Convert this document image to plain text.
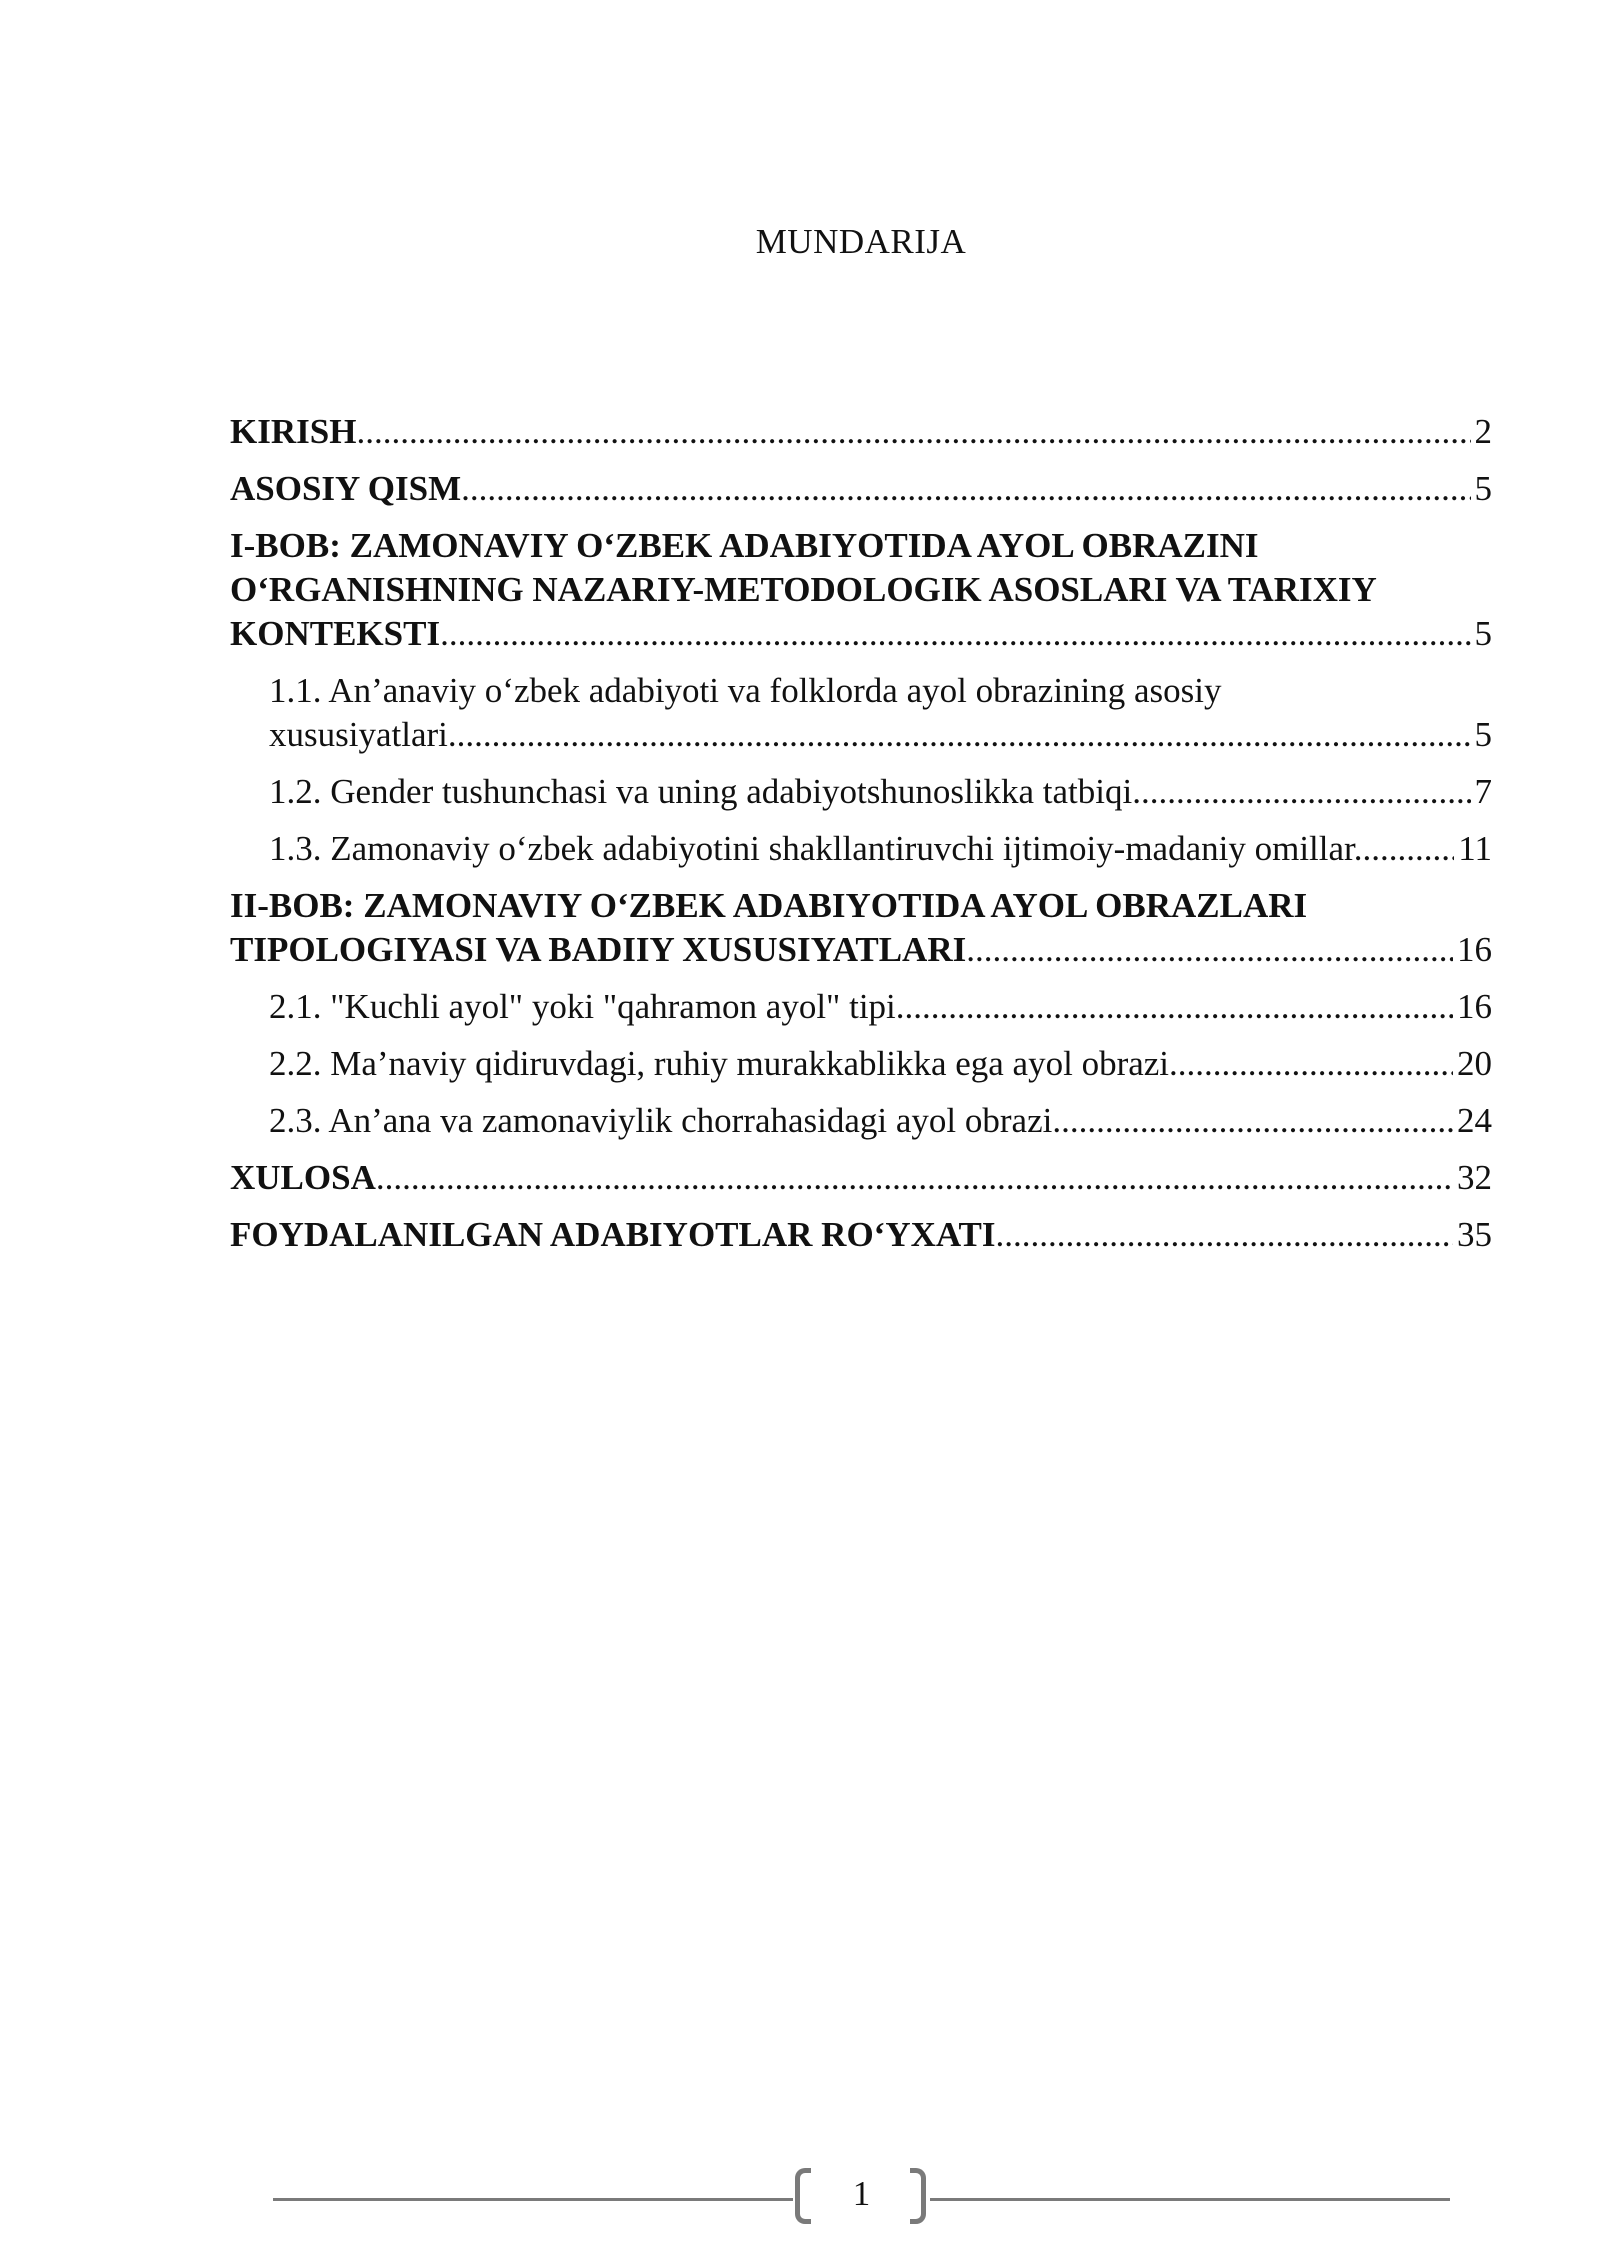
MUNDARIJA
KIRISH .....	2
ASOSIY QISM .....	5
I-BOB: ZAMONAVIY O‘ZBEK ADABIYOTIDA AYOL OBRAZINI
O‘RGANISHNING NAZARIY-METODOLOGIK ASOSLARI VA TARIXIY
KONTEKSTI .....	5
1.1. An’anaviy o‘zbek adabiyoti va folklorda ayol obrazining asosiy
xususiyatlari .....	5
1.2. Gender tushunchasi va uning adabiyotshunoslikka tatbiqi .....	7
1.3. Zamonaviy o‘zbek adabiyotini shakllantiruvchi ijtimoiy-madaniy omillar. .....	11
II-BOB: ZAMONAVIY O‘ZBEK ADABIYOTIDA AYOL OBRAZLARI
TIPOLOGIYASI VA BADIIY XUSUSIYATLARI .....	16
2.1. "Kuchli ayol" yoki "qahramon ayol" tipi .....	16
2.2. Ma’naviy qidiruvdagi, ruhiy murakkablikka ega ayol obrazi .....	20
2.3. An’ana va zamonaviylik chorrahasidagi ayol obrazi .....	24
XULOSA .....	32
FOYDALANILGAN ADABIYOTLAR RO‘YXATI .....	35
1
